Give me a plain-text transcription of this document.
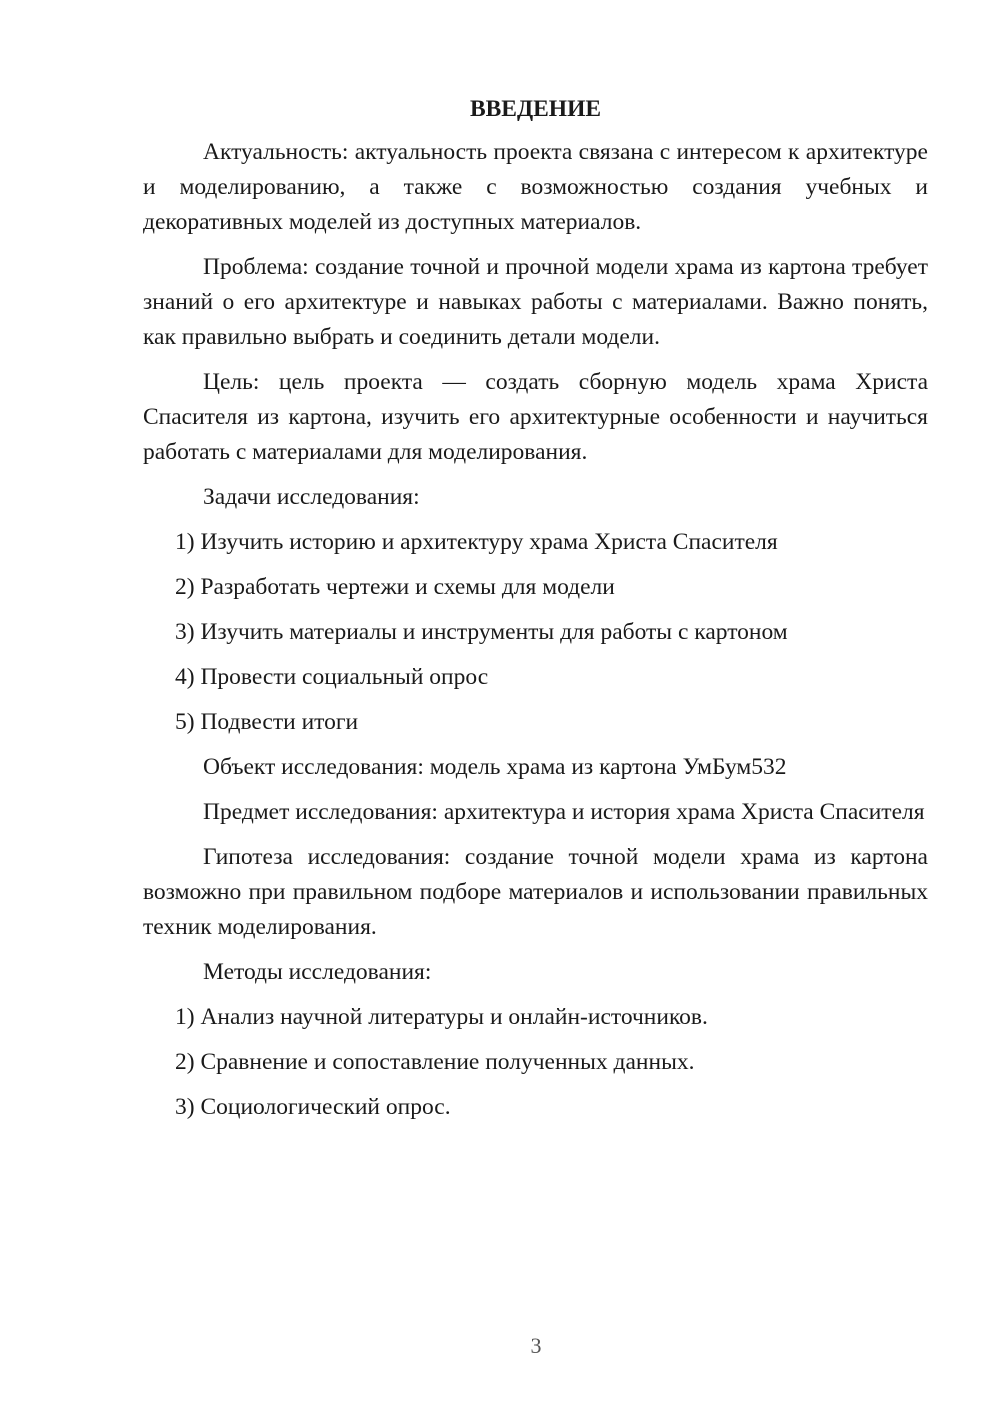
ВВЕДЕНИЕ

Актуальность: актуальность проекта связана с интересом к архитектуре и моделированию, а также с возможностью создания учебных и декоративных моделей из доступных материалов.

Проблема: создание точной и прочной модели храма из картона требует знаний о его архитектуре и навыках работы с материалами. Важно понять, как правильно выбрать и соединить детали модели.

Цель: цель проекта — создать сборную модель храма Христа Спасителя из картона, изучить его архитектурные особенности и научиться работать с материалами для моделирования.

Задачи исследования:
1) Изучить историю и архитектуру храма Христа Спасителя
2) Разработать чертежи и схемы для модели
3) Изучить материалы и инструменты для работы с картоном
4) Провести социальный опрос
5) Подвести итоги
Объект исследования: модель храма из картона УмБум532

Предмет исследования: архитектура и история храма Христа Спасителя

Гипотеза исследования: создание точной модели храма из картона возможно при правильном подборе материалов и использовании правильных техник моделирования.

Методы исследования:
1) Анализ научной литературы и онлайн-источников.
2) Сравнение и сопоставление полученных данных.
3) Социологический опрос.
3
